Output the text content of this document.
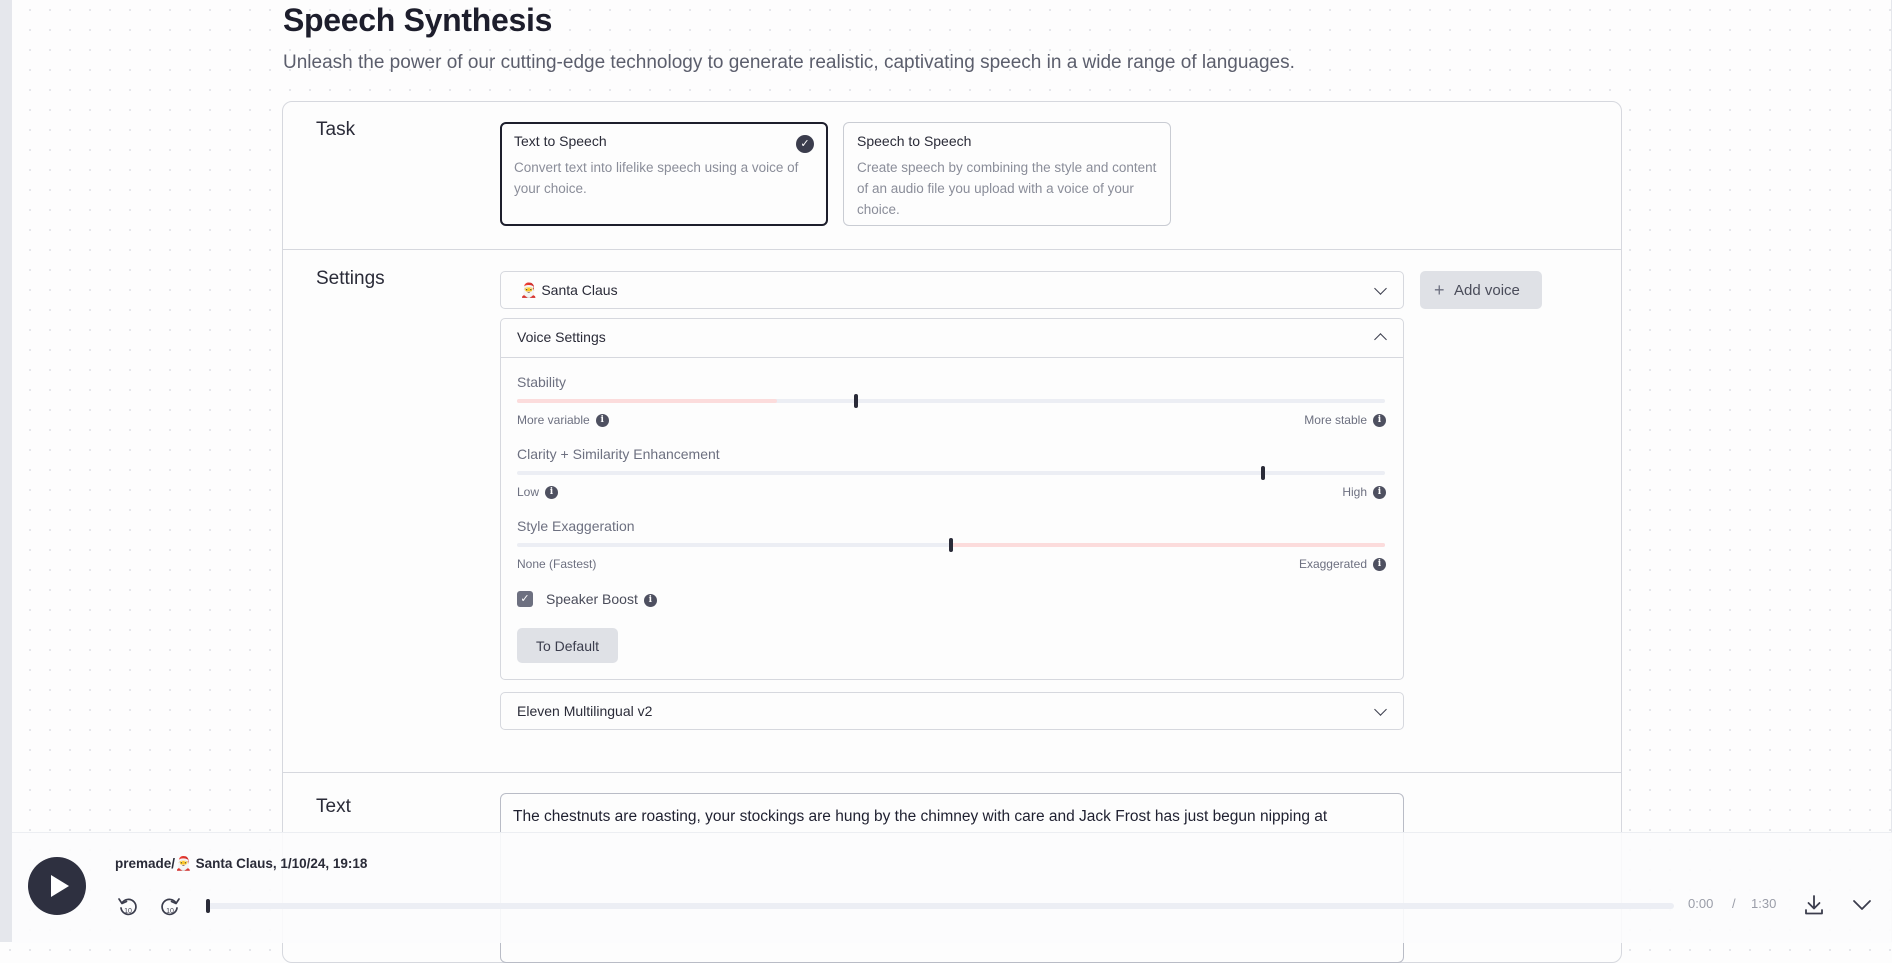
Speech Synthesis

Unleash the power of our cutting-edge technology to generate realistic, captivating speech in a wide range of languages.

Task
Text to Speech
Convert text into lifelike speech using a voice of your choice.
✓	Speech to Speech
Create speech by combining the style and content of an audio file you upload with a voice of your choice.
Settings
🎅 Santa Claus	+ Add voice
Voice Settings
Stability
More variable i	More stable i
Clarity + Similarity Enhancement
Low i	High i
Style Exaggeration
None (Fastest)	Exaggerated i
✓ Speaker Boost i
To Default
Eleven Multilingual v2
Text	The chestnuts are roasting, your stockings are hung by the chimney with care and Jack Frost has just begun nipping at
premade/🎅 Santa Claus, 1/10/24, 19:18
10	10
0:00 / 1:30
